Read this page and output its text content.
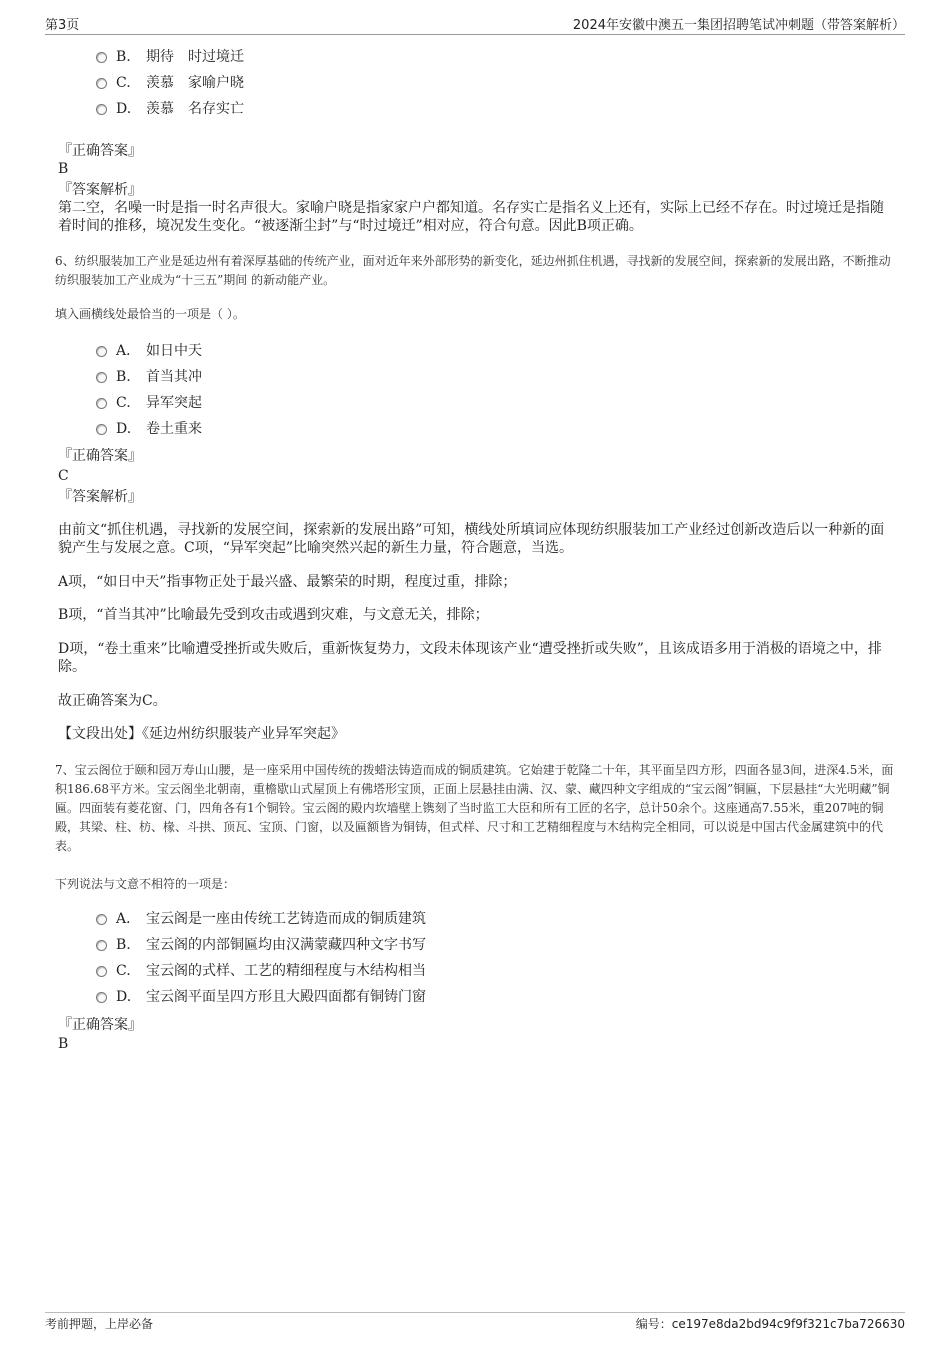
第3页	2024年安徽中澳五一集团招聘笔试冲刺题（带答案解析）
B. 期待　时过境迁
C. 羡慕　家喻户晓
D. 羡慕　名存实亡
『正确答案』
B
『答案解析』
第二空，名噪一时是指一时名声很大。家喻户晓是指家家户户都知道。名存实亡是指名义上还有，实际上已经不存在。时过境迁是指随着时间的推移，境况发生变化。“被逐渐尘封”与“时过境迁”相对应，符合句意。因此B项正确。
6、纺织服装加工产业是延边州有着深厚基础的传统产业，面对近年来外部形势的新变化，延边州抓住机遇，寻找新的发展空间，探索新的发展出路，不断推动纺织服装加工产业成为“十三五”期间 的新动能产业。
填入画横线处最恰当的一项是（ ）。
A． 如日中天
B. 首当其冲
C. 异军突起
D. 卷土重来
『正确答案』
C
『答案解析』
由前文“抓住机遇，寻找新的发展空间，探索新的发展出路”可知，横线处所填词应体现纺织服装加工产业经过创新改造后以一种新的面貌产生与发展之意。C项，“异军突起”比喻突然兴起的新生力量，符合题意，当选。
A项，“如日中天”指事物正处于最兴盛、最繁荣的时期，程度过重，排除；
B项，“首当其冲”比喻最先受到攻击或遇到灾难，与文意无关，排除；
D项，“卷土重来”比喻遭受挫折或失败后，重新恢复势力，文段未体现该产业“遭受挫折或失败”，且该成语多用于消极的语境之中，排除。
故正确答案为C。
【文段出处】《延边州纺织服装产业异军突起》
7、宝云阁位于颐和园万寿山山腰，是一座采用中国传统的拨蜡法铸造而成的铜质建筑。它始建于乾隆二十年，其平面呈四方形，四面各显3间，进深4.5米，面积186.68平方米。宝云阁坐北朝南，重檐歇山式屋顶上有佛塔形宝顶，正面上层悬挂由满、汉、蒙、藏四种文字组成的“宝云阁”铜匾，下层悬挂“大光明藏”铜匾。四面装有菱花窗、门，四角各有1个铜铃。宝云阁的殿内坎墙壁上镌刻了当时监工大臣和所有工匠的名字，总计50余个。这座通高7.55米，重207吨的铜殿，其梁、柱、枋、椽、斗拱、顶瓦、宝顶、门窗，以及匾额皆为铜铸，但式样、尺寸和工艺精细程度与木结构完全相同，可以说是中国古代金属建筑中的代表。
下列说法与文意不相符的一项是：
A． 宝云阁是一座由传统工艺铸造而成的铜质建筑
B. 宝云阁的内部铜匾均由汉满蒙藏四种文字书写
C. 宝云阁的式样、工艺的精细程度与木结构相当
D. 宝云阁平面呈四方形且大殿四面都有铜铸门窗
『正确答案』
B
考前押题，上岸必备	编号：ce197e8da2bd94c9f9f321c7ba726630
